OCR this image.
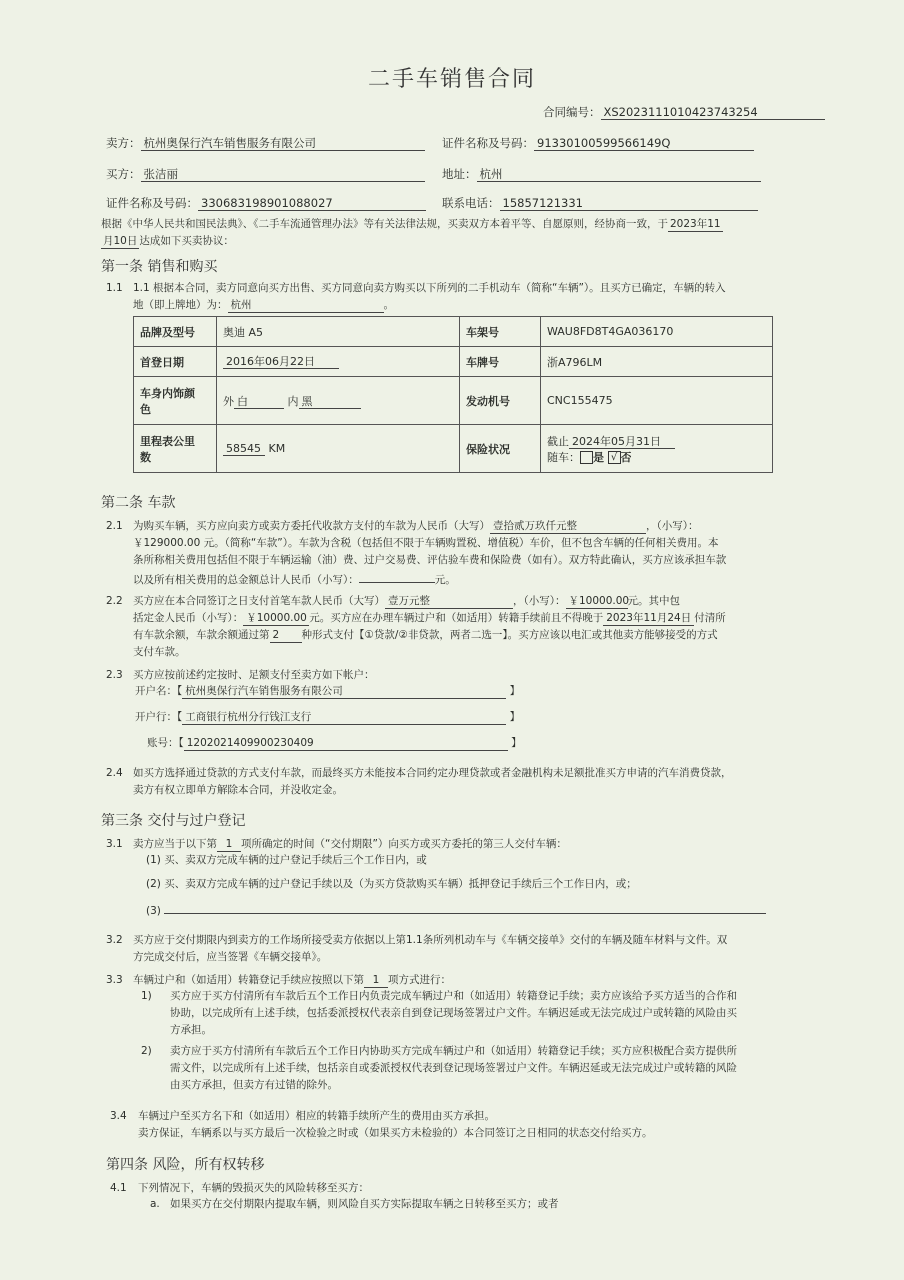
二手车销售合同
合同编号： XS2023111010423743254
卖方： 杭州奥保行汽车销售服务有限公司	证件名称及号码： 91330100599566149Q
买方： 张洁丽	地址： 杭州
证件名称及号码： 330683198901088027	联系电话： 15857121331
根据《中华人民共和国民法典》、《二手车流通管理办法》等有关法律法规，买卖双方本着平等、自愿原则，经协商一致，于 2023年11
月10日 达成如下买卖协议：
第一条 销售和购买
1.1 1.1 根据本合同，卖方同意向买方出售、买方同意向卖方购买以下所列的二手机动车（简称“车辆”）。且买方已确定，车辆的转入
地（即上牌地）为： 杭州	。
品牌及型号	奥迪 A5	车架号	WAU8FD8T4GA036170
首登日期	2016年06月22日	车牌号	浙A796LM
车身内饰颜
色	外 白 内 黑	发动机号	CNC155475
里程表公里
数	58545 KM	保险状况	截止 2024年05月31日
随车： 是 √ 否
第二条 车款
2.1 为购买车辆，买方应向卖方或卖方委托代收款方支付的车款为人民币（大写） 壹拾贰万玖仟元整	，（小写）：
￥129000.00 元。（简称“车款”）。车款为含税（包括但不限于车辆购置税、增值税）车价，但不包含车辆的任何相关费用。本
条所称相关费用包括但不限于车辆运输（油）费、过户交易费、评估验车费和保险费（如有）。双方特此确认，买方应该承担车款
以及所有相关费用的总金额总计人民币（小写）：	元。
2.2 买方应在本合同签订之日支付首笔车款人民币（大写） 壹万元整	，（小写）： ￥10000.00元。其中包
括定金人民币（小写）： ￥10000.00 元。买方应在办理车辆过户和（如适用）转籍手续前且不得晚于 2023年11月24日 付清所
有车款余额，车款余额通过第 2 种形式支付【①贷款/②非贷款，两者二选一】。买方应该以电汇或其他卖方能够接受的方式
支付车款。
2.3 买方应按前述约定按时、足额支付至卖方如下帐户：
开户名：【 杭州奥保行汽车销售服务有限公司	】
开户行：【 工商银行杭州分行钱江支行	】
账号：【 1202021409900230409	】
2.4 如买方选择通过贷款的方式支付车款，而最终买方未能按本合同约定办理贷款或者金融机构未足额批准买方申请的汽车消费贷款，
卖方有权立即单方解除本合同，并没收定金。
第三条 交付与过户登记
3.1 卖方应当于以下第 1 项所确定的时间（“交付期限”）向买方或买方委托的第三人交付车辆：
(1) 买、卖双方完成车辆的过户登记手续后三个工作日内，或
(2) 买、卖双方完成车辆的过户登记手续以及（为买方贷款购买车辆）抵押登记手续后三个工作日内，或；
(3)
3.2 买方应于交付期限内到卖方的工作场所接受卖方依据以上第1.1条所列机动车与《车辆交接单》交付的车辆及随车材料与文件。双
方完成交付后，应当签署《车辆交接单》。
3.3 车辆过户和（如适用）转籍登记手续应按照以下第 1 项方式进行：
1) 买方应于买方付清所有车款后五个工作日内负责完成车辆过户和（如适用）转籍登记手续；卖方应该给予买方适当的合作和
协助，以完成所有上述手续，包括委派授权代表亲自到登记现场签署过户文件。车辆迟延或无法完成过户或转籍的风险由买
方承担。
2) 卖方应于买方付清所有车款后五个工作日内协助买方完成车辆过户和（如适用）转籍登记手续；买方应积极配合卖方提供所
需文件，以完成所有上述手续，包括亲自或委派授权代表到登记现场签署过户文件。车辆迟延或无法完成过户或转籍的风险
由买方承担，但卖方有过错的除外。
3.4 车辆过户至买方名下和（如适用）相应的转籍手续所产生的费用由买方承担。
卖方保证，车辆系以与买方最后一次检验之时或（如果买方未检验的）本合同签订之日相同的状态交付给买方。
第四条 风险，所有权转移
4.1 下列情况下，车辆的毁损灭失的风险转移至买方：
a. 如果买方在交付期限内提取车辆，则风险自买方实际提取车辆之日转移至买方；或者
